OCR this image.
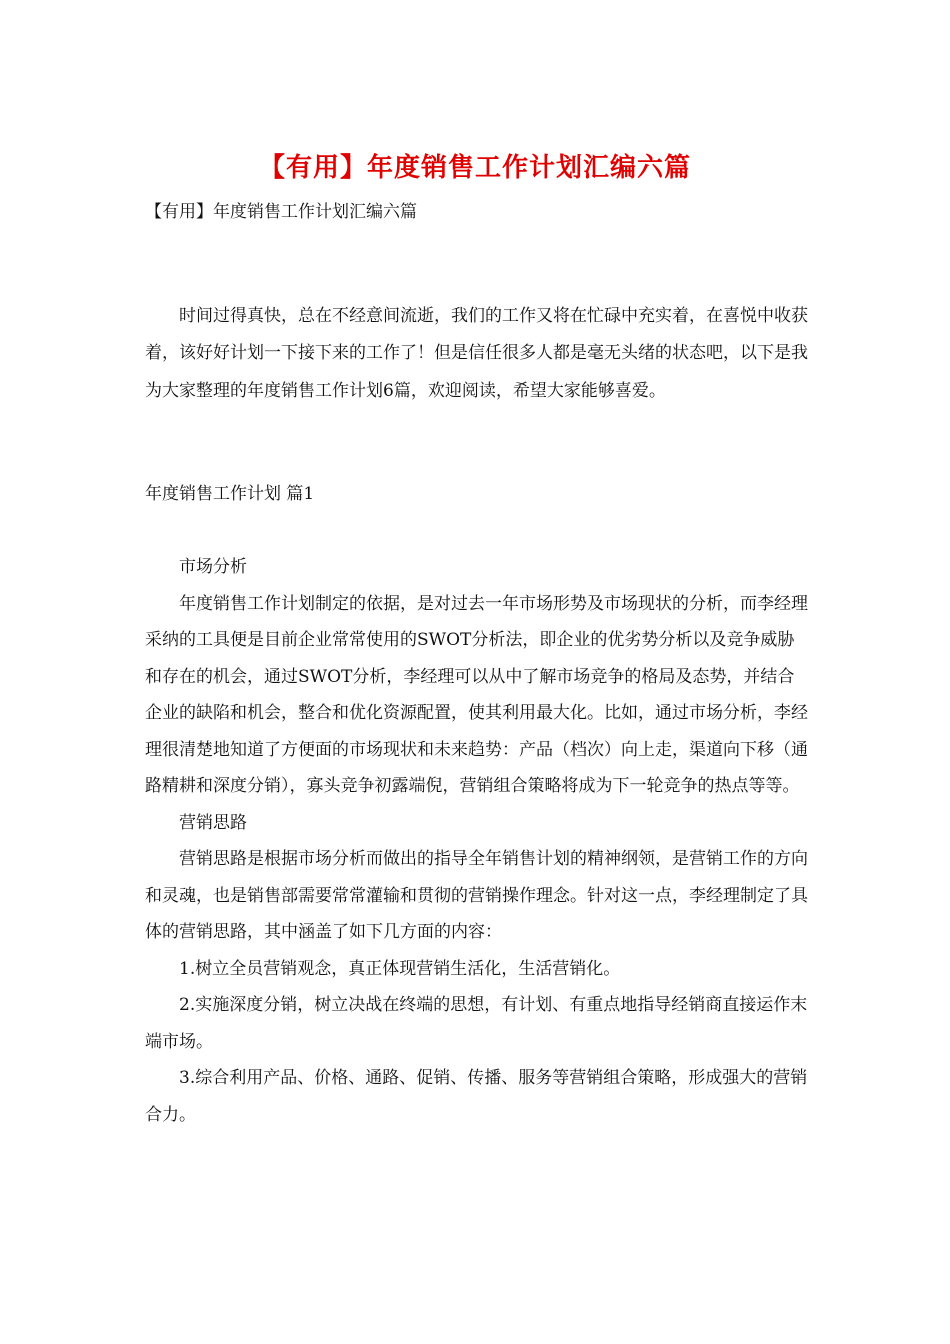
【有用】年度销售工作计划汇编六篇
【有用】年度销售工作计划汇编六篇

时间过得真快，总在不经意间流逝，我们的工作又将在忙碌中充实着，在喜悦中收获着，该好好计划一下接下来的工作了！但是信任很多人都是毫无头绪的状态吧，以下是我为大家整理的年度销售工作计划6篇，欢迎阅读，希望大家能够喜爱。

年度销售工作计划 篇1

市场分析

年度销售工作计划制定的依据，是对过去一年市场形势及市场现状的分析，而李经理采纳的工具便是目前企业常常使用的SWOT分析法，即企业的优劣势分析以及竞争威胁和存在的机会，通过SWOT分析，李经理可以从中了解市场竞争的格局及态势，并结合企业的缺陷和机会，整合和优化资源配置，使其利用最大化。比如，通过市场分析，李经理很清楚地知道了方便面的市场现状和未来趋势：产品（档次）向上走，渠道向下移（通路精耕和深度分销），寡头竞争初露端倪，营销组合策略将成为下一轮竞争的热点等等。

营销思路

营销思路是根据市场分析而做出的指导全年销售计划的精神纲领，是营销工作的方向和灵魂，也是销售部需要常常灌输和贯彻的营销操作理念。针对这一点，李经理制定了具体的营销思路，其中涵盖了如下几方面的内容：

1.树立全员营销观念，真正体现营销生活化，生活营销化。

2.实施深度分销，树立决战在终端的思想，有计划、有重点地指导经销商直接运作末端市场。

3.综合利用产品、价格、通路、促销、传播、服务等营销组合策略，形成强大的营销合力。
